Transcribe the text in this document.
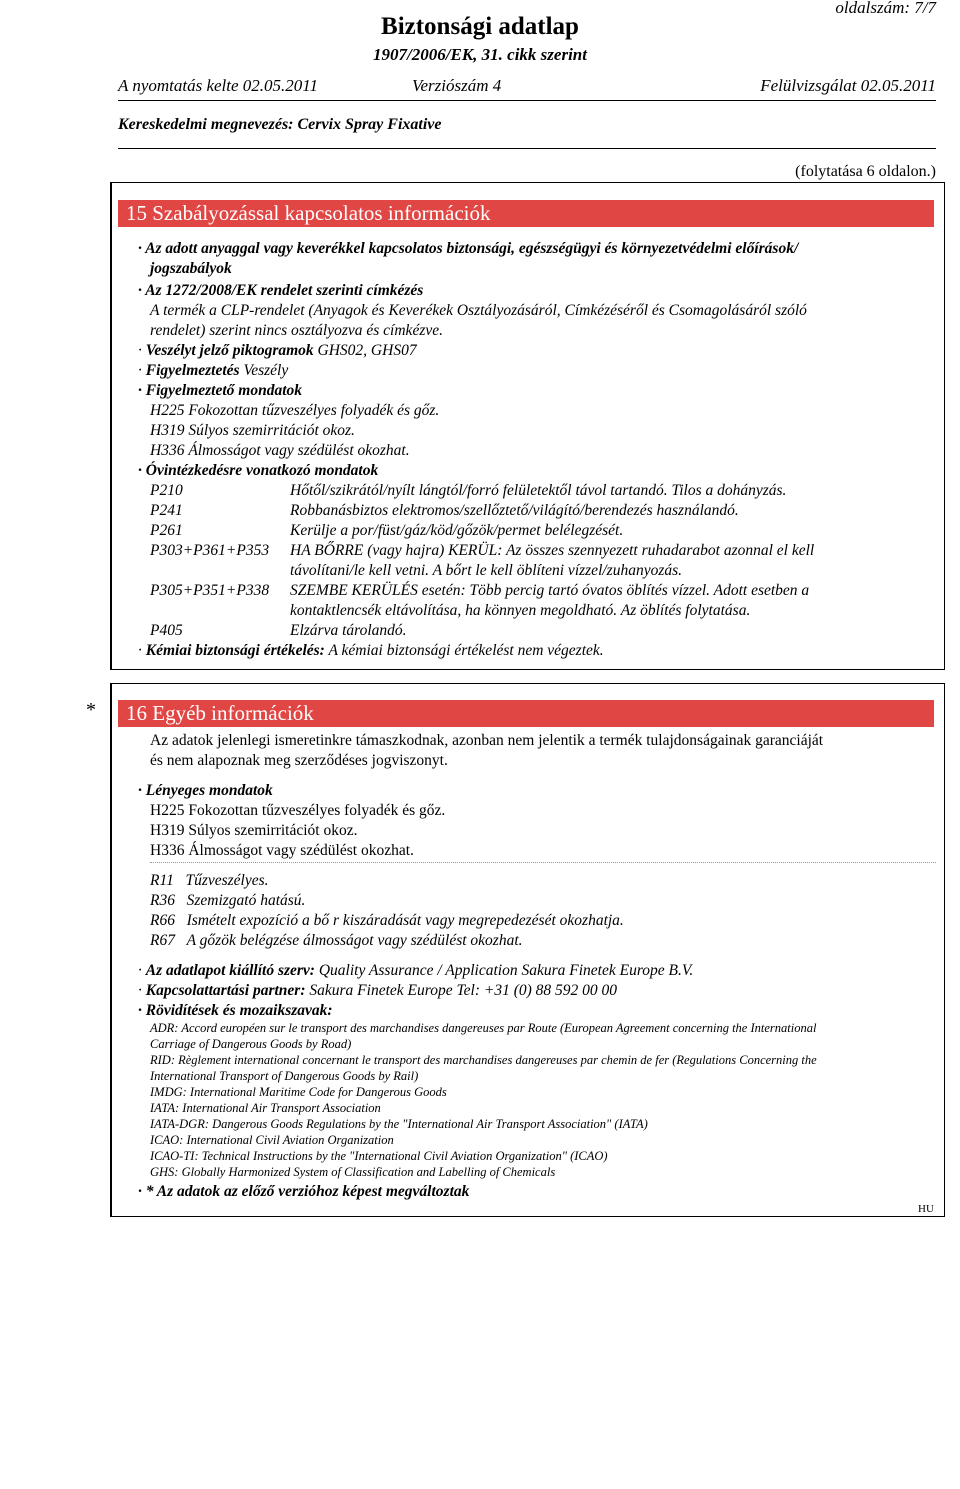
oldalszám: 7/7
Biztonsági adatlap
1907/2006/EK, 31. cikk szerint
A nyomtatás kelte 02.05.2011	Verziószám 4	Felülvizsgálat 02.05.2011
Kereskedelmi megnevezés: Cervix Spray Fixative
(folytatása 6 oldalon.)
15 Szabályozással kapcsolatos információk
· Az adott anyaggal vagy keverékkel kapcsolatos biztonsági, egészségügyi és környezetvédelmi előírások/
jogszabályok
· Az 1272/2008/EK rendelet szerinti címkézés
A termék a CLP-rendelet (Anyagok és Keverékek Osztályozásáról, Címkézéséről és Csomagolásáról szóló
rendelet) szerint nincs osztályozva és címkézve.
· Veszélyt jelző piktogramok GHS02, GHS07
· Figyelmeztetés Veszély
· Figyelmeztető mondatok
H225 Fokozottan tűzveszélyes folyadék és gőz.
H319 Súlyos szemirritációt okoz.
H336 Álmosságot vagy szédülést okozhat.
· Óvintézkedésre vonatkozó mondatok
P210	Hőtől/szikrától/nyílt lángtól/forró felületektől távol tartandó. Tilos a dohányzás.
P241	Robbanásbiztos elektromos/szellőztető/világító/berendezés használandó.
P261	Kerülje a por/füst/gáz/köd/gőzök/permet belélegzését.
P303+P361+P353 HA BŐRRE (vagy hajra) KERÜL: Az összes szennyezett ruhadarabot azonnal el kell
távolítani/le kell vetni. A bőrt le kell öblíteni vízzel/zuhanyozás.
P305+P351+P338 SZEMBE KERÜLÉS esetén: Több percig tartó óvatos öblítés vízzel. Adott esetben a
kontaktlencsék eltávolítása, ha könnyen megoldható. Az öblítés folytatása.
P405	Elzárva tárolandó.
· Kémiai biztonsági értékelés: A kémiai biztonsági értékelést nem végeztek.
*	16 Egyéb információk
Az adatok jelenlegi ismeretinkre támaszkodnak, azonban nem jelentik a termék tulajdonságainak garanciáját
és nem alapoznak meg szerződéses jogviszonyt.
· Lényeges mondatok
H225 Fokozottan tűzveszélyes folyadék és gőz.
H319 Súlyos szemirritációt okoz.
H336 Álmosságot vagy szédülést okozhat.
R11 Tűzveszélyes.
R36 Szemizgató hatású.
R66 Ismételt expozíció a bő r kiszáradását vagy megrepedezését okozhatja.
R67 A gőzök belégzése álmosságot vagy szédülést okozhat.
· Az adatlapot kiállító szerv: Quality Assurance / Application Sakura Finetek Europe B.V.
· Kapcsolattartási partner: Sakura Finetek Europe Tel: +31 (0) 88 592 00 00
· Rövidítések és mozaikszavak:
ADR: Accord européen sur le transport des marchandises dangereuses par Route (European Agreement concerning the International
Carriage of Dangerous Goods by Road)
RID: Règlement international concernant le transport des marchandises dangereuses par chemin de fer (Regulations Concerning the
International Transport of Dangerous Goods by Rail)
IMDG: International Maritime Code for Dangerous Goods
IATA: International Air Transport Association
IATA-DGR: Dangerous Goods Regulations by the "International Air Transport Association" (IATA)
ICAO: International Civil Aviation Organization
ICAO-TI: Technical Instructions by the "International Civil Aviation Organization" (ICAO)
GHS: Globally Harmonized System of Classification and Labelling of Chemicals
· * Az adatok az előző verzióhoz képest megváltoztak
HU
